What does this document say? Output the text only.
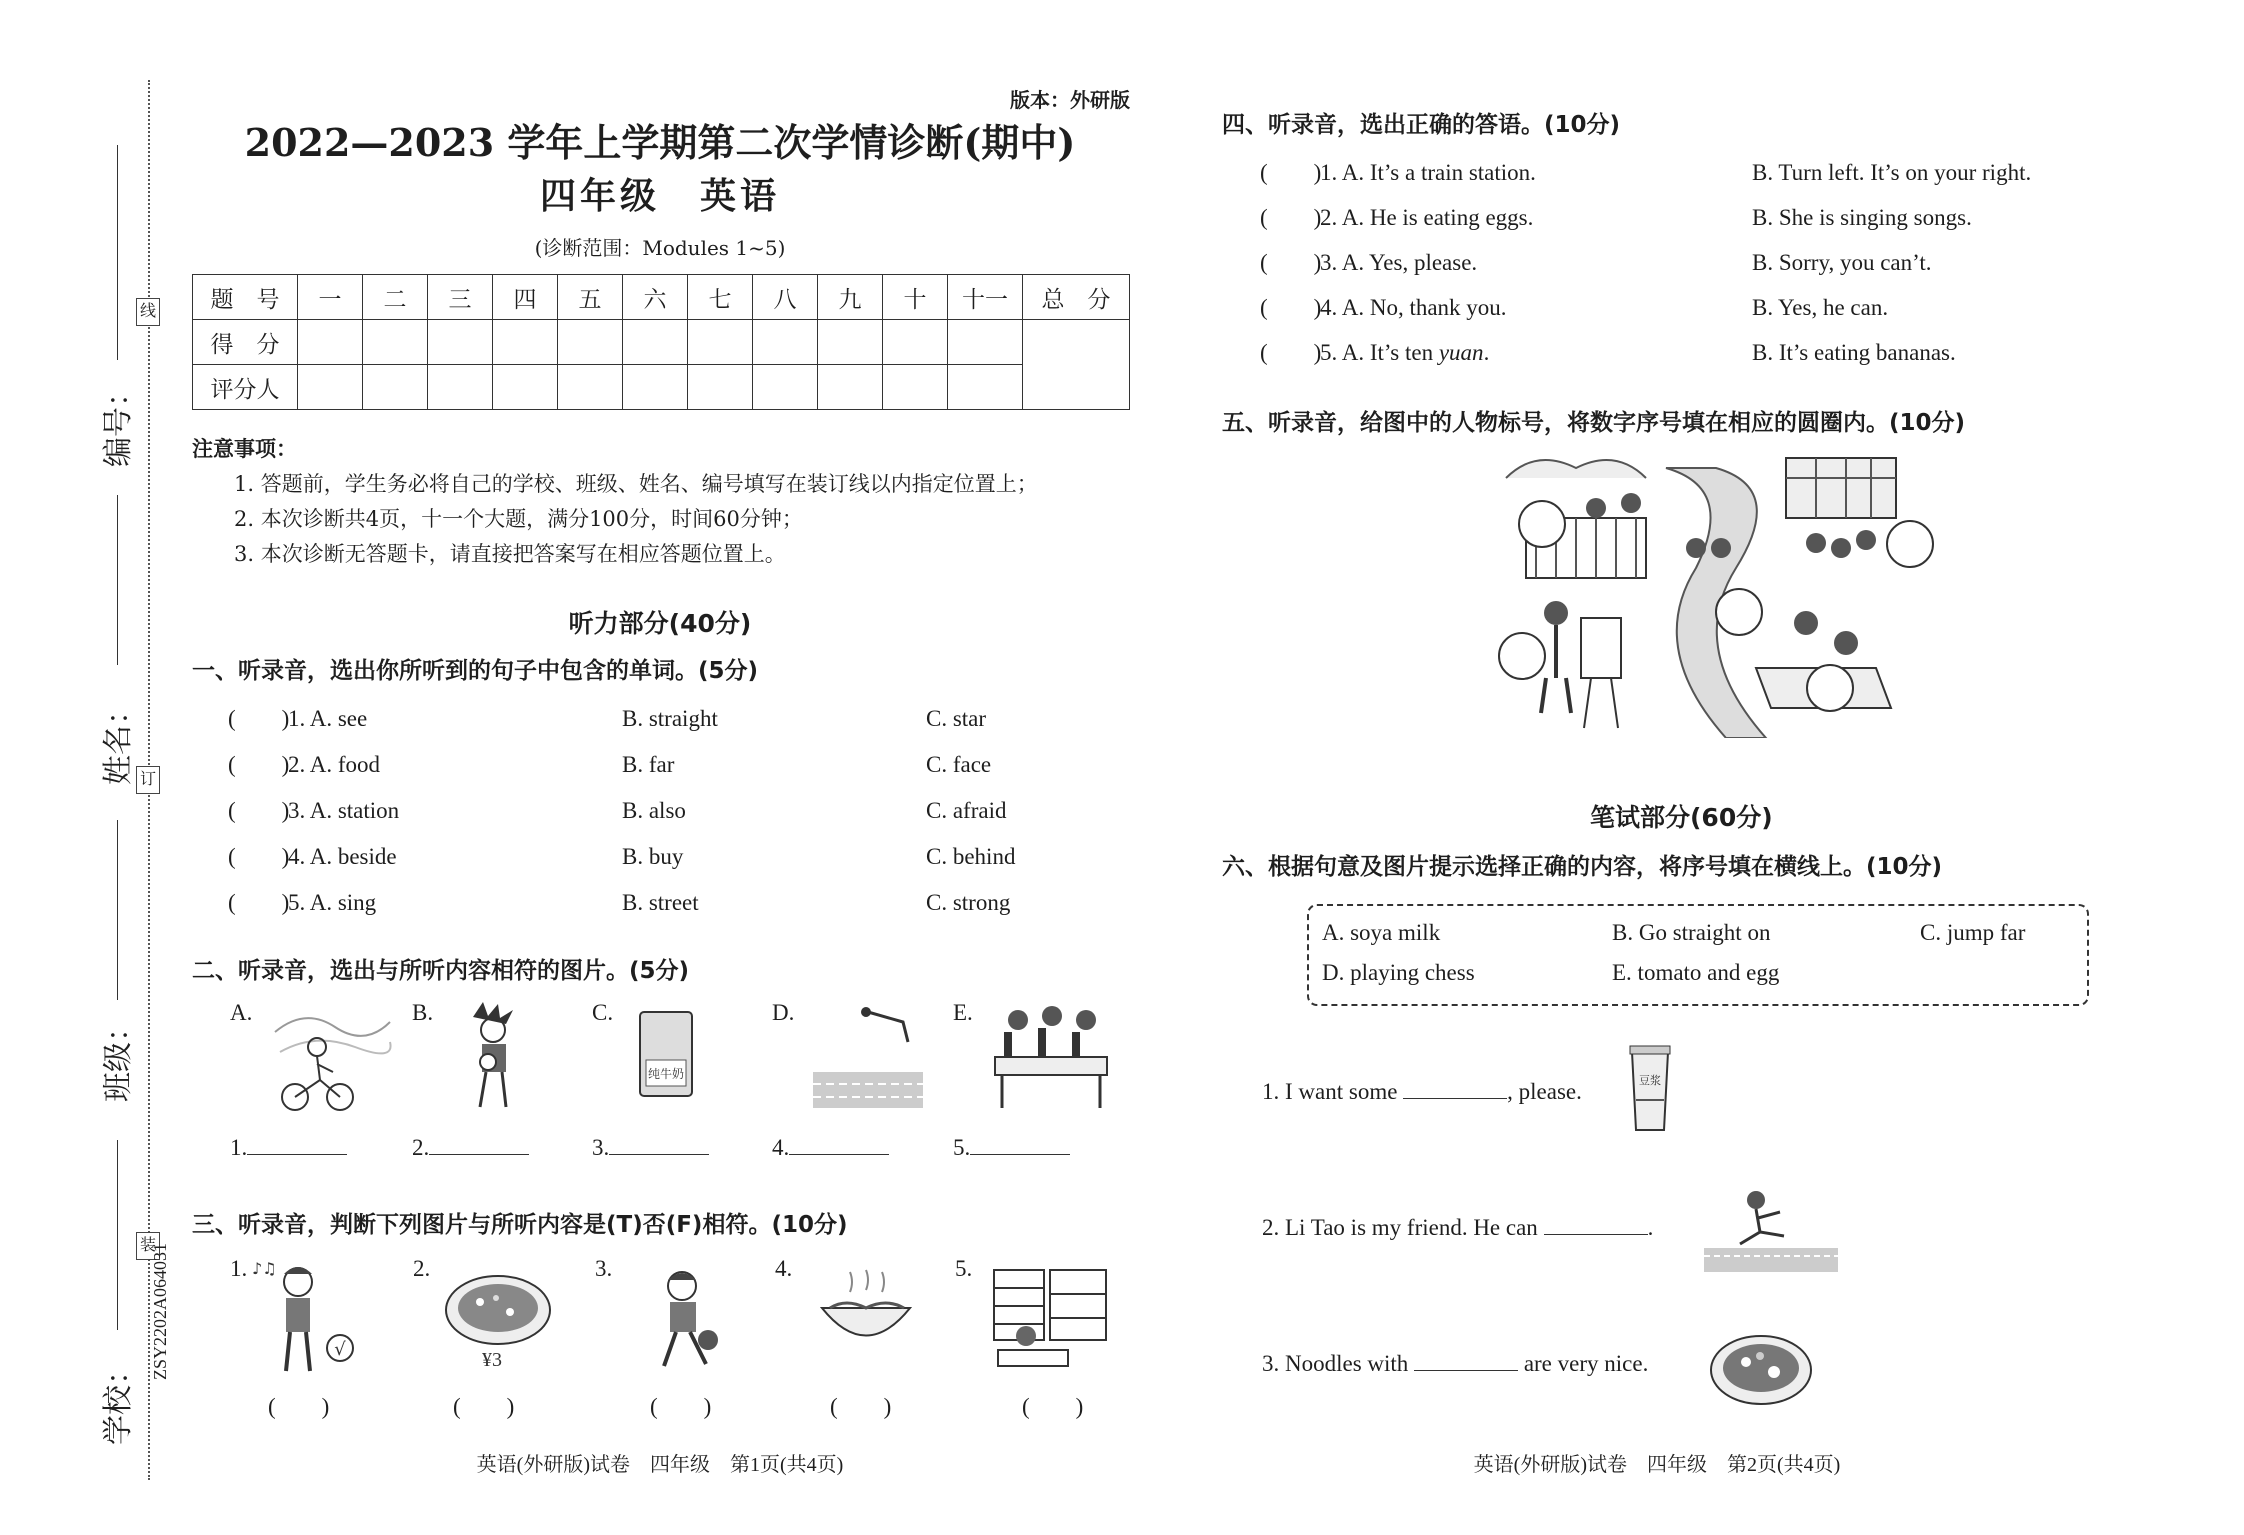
编号：
姓名：
班级：
学校：
线
订
装
ZSY2202A064031
版本：外研版
2022—2023 学年上学期第二次学情诊断(期中)
四年级　英语
(诊断范围：Modules 1~5)
题　号	一	二	三	四	五	六	七	八	九	十	十一	总　分
得　分												
评分人												
注意事项：
1. 答题前，学生务必将自己的学校、班级、姓名、编号填写在装订线以内指定位置上；
2. 本次诊断共4页，十一个大题，满分100分，时间60分钟；
3. 本次诊断无答题卡，请直接把答案写在相应答题位置上。
听力部分(40分)
一、听录音，选出你所听到的句子中包含的单词。(5分)
(　　)1. A. see	B. straight	C. star
(　　)2. A. food	B. far	C. face
(　　)3. A. station	B. also	C. afraid
(　　)4. A. beside	B. buy	C. behind
(　　)5. A. sing	B. street	C. strong
二、听录音，选出与所听内容相符的图片。(5分)
A.	B.	C.
纯牛奶
D.	E.
1.	2.	3.	4.	5.
三、听录音，判断下列图片与所听内容是(T)否(F)相符。(10分)
1. ♪♫
√
2.
¥3
3.	4.	5.
(　　)	(　　)	(　　)	(　　)	(　　)
英语(外研版)试卷　四年级　第1页(共4页)
四、听录音，选出正确的答语。(10分)
(　　)1. A. It’s a train station.	B. Turn left. It’s on your right.
(　　)2. A. He is eating eggs.	B. She is singing songs.
(　　)3. A. Yes, please.	B. Sorry, you can’t.
(　　)4. A. No, thank you.	B. Yes, he can.
(　　)5. A. It’s ten yuan.	B. It’s eating bananas.
五、听录音，给图中的人物标号，将数字序号填在相应的圆圈内。(10分)
笔试部分(60分)
六、根据句意及图片提示选择正确的内容，将序号填在横线上。(10分)
A. soya milk	B. Go straight on	C. jump far
D. playing chess	E. tomato and egg
1. I want some	, please.	豆浆
2. Li Tao is my friend. He can	.
3. Noodles with	are very nice.
英语(外研版)试卷　四年级　第2页(共4页)
